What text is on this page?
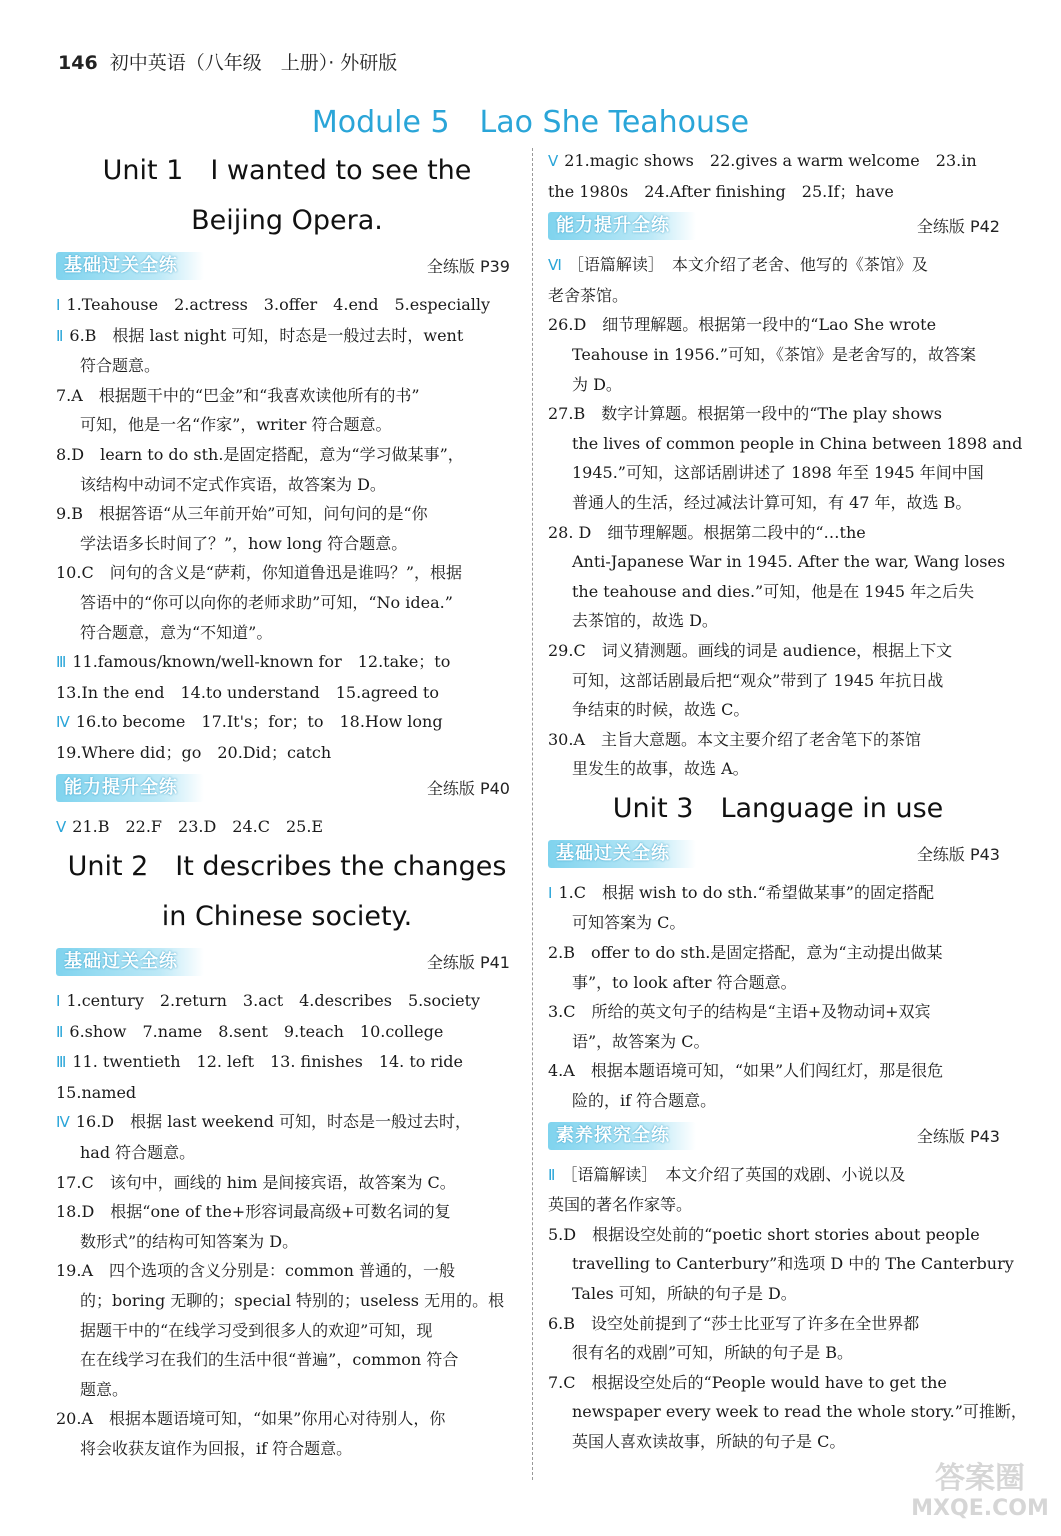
146 初中英语（八年级　上册）· 外研版
Module 5　Lao She Teahouse
Unit 1　I wanted to see the
Beijing Opera.
基础过关全练	全练版 P39
Ⅰ 1.Teahouse　2.actress　3.offer　4.end　5.especially
Ⅱ 6.B　根据 last night 可知，时态是一般过去时，went
符合题意。
7.A　根据题干中的“巴金”和“我喜欢读他所有的书”
可知，他是一名“作家”，writer 符合题意。
8.D　learn to do sth.是固定搭配，意为“学习做某事”，
该结构中动词不定式作宾语，故答案为 D。
9.B　根据答语“从三年前开始”可知，问句问的是“你
学法语多长时间了？”，how long 符合题意。
10.C　问句的含义是“萨莉，你知道鲁迅是谁吗？”，根据
答语中的“你可以向你的老师求助”可知，“No idea.”
符合题意，意为“不知道”。
Ⅲ 11.famous/known/well-known for　12.take；to
13.In the end　14.to understand　15.agreed to
Ⅳ 16.to become　17.It's；for；to　18.How long
19.Where did；go　20.Did；catch
能力提升全练	全练版 P40
Ⅴ 21.B　22.F　23.D　24.C　25.E
Unit 2　It describes the changes
in Chinese society.
基础过关全练	全练版 P41
Ⅰ 1.century　2.return　3.act　4.describes　5.society
Ⅱ 6.show　7.name　8.sent　9.teach　10.college
Ⅲ 11. twentieth　12. left　13. finishes　14. to ride
15.named
Ⅳ 16.D　根据 last weekend 可知，时态是一般过去时，
had 符合题意。
17.C　该句中，画线的 him 是间接宾语，故答案为 C。
18.D　根据“one of the+形容词最高级+可数名词的复
数形式”的结构可知答案为 D。
19.A　四个选项的含义分别是：common 普通的，一般
的；boring 无聊的；special 特别的；useless 无用的。根
据题干中的“在线学习受到很多人的欢迎”可知，现
在在线学习在我们的生活中很“普遍”，common 符合
题意。
20.A　根据本题语境可知，“如果”你用心对待别人，你
将会收获友谊作为回报，if 符合题意。
Ⅴ 21.magic shows　22.gives a warm welcome　23.in
the 1980s　24.After finishing　25.If；have
能力提升全练	全练版 P42
Ⅵ ［语篇解读］　本文介绍了老舍、他写的《茶馆》及
老舍茶馆。
26.D　细节理解题。根据第一段中的“Lao She wrote
Teahouse in 1956.”可知，《茶馆》是老舍写的，故答案
为 D。
27.B　数字计算题。根据第一段中的“The play shows
the lives of common people in China between 1898 and
1945.”可知，这部话剧讲述了 1898 年至 1945 年间中国
普通人的生活，经过减法计算可知，有 47 年，故选 B。
28. D　细节理解题。根据第二段中的“…the
Anti-Japanese War in 1945. After the war, Wang loses
the teahouse and dies.”可知，他是在 1945 年之后失
去茶馆的，故选 D。
29.C　词义猜测题。画线的词是 audience，根据上下文
可知，这部话剧最后把“观众”带到了 1945 年抗日战
争结束的时候，故选 C。
30.A　主旨大意题。本文主要介绍了老舍笔下的茶馆
里发生的故事，故选 A。
Unit 3　Language in use
基础过关全练	全练版 P43
Ⅰ 1.C　根据 wish to do sth.“希望做某事”的固定搭配
可知答案为 C。
2.B　offer to do sth.是固定搭配，意为“主动提出做某
事”，to look after 符合题意。
3.C　所给的英文句子的结构是“主语+及物动词+双宾
语”，故答案为 C。
4.A　根据本题语境可知，“如果”人们闯红灯，那是很危
险的，if 符合题意。
素养探究全练	全练版 P43
Ⅱ ［语篇解读］　本文介绍了英国的戏剧、小说以及
英国的著名作家等。
5.D　根据设空处前的“poetic short stories about people
travelling to Canterbury”和选项 D 中的 The Canterbury
Tales 可知，所缺的句子是 D。
6.B　设空处前提到了“莎士比亚写了许多在全世界都
很有名的戏剧”可知，所缺的句子是 B。
7.C　根据设空处后的“People would have to get the
newspaper every week to read the whole story.”可推断，
英国人喜欢读故事，所缺的句子是 C。
答案圈
MXQE.COM
